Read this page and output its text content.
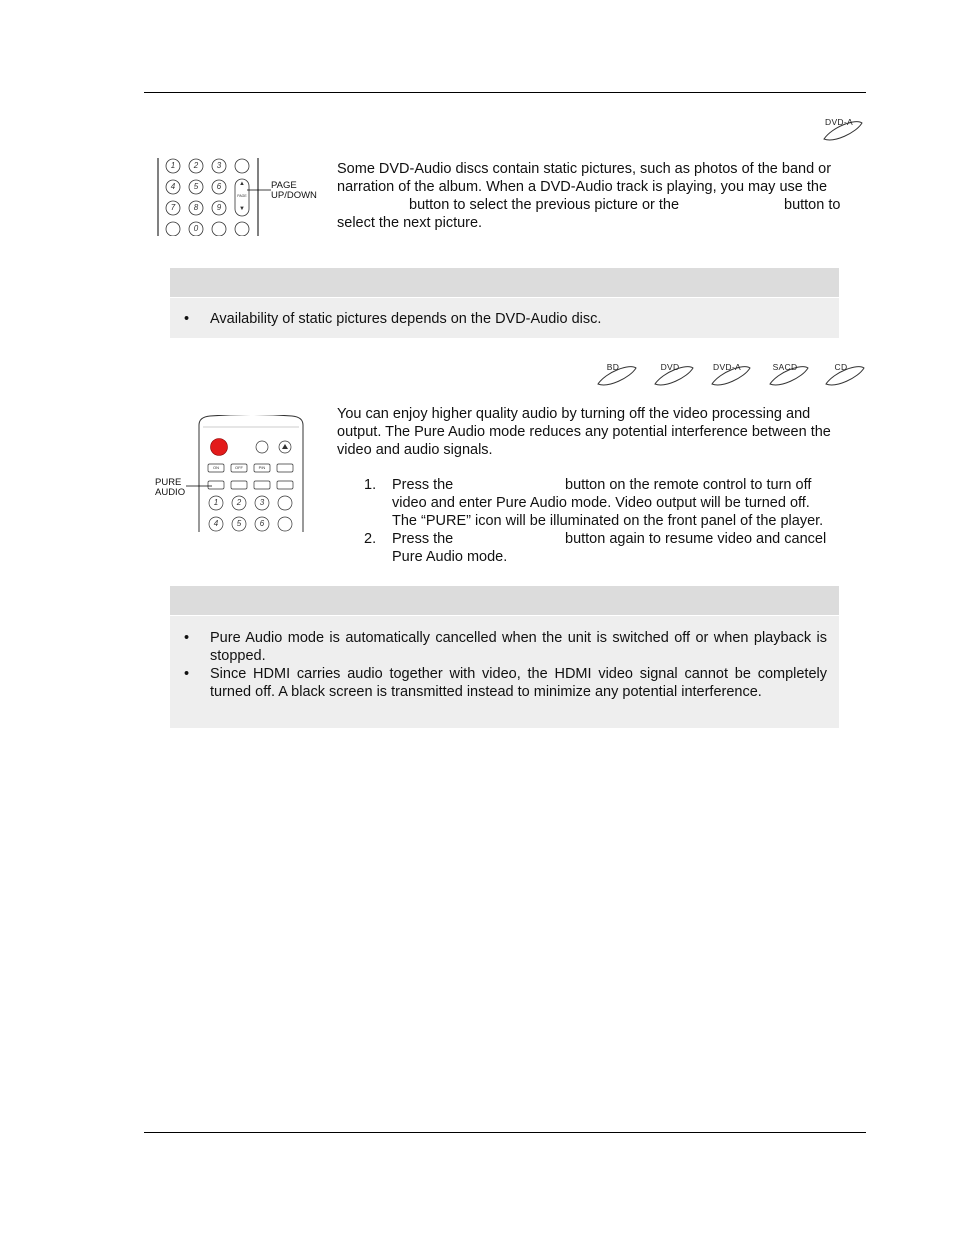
DVD-A
1	2	3
4	5	6
7	8	9
0
PAGE
▲
▼
PAGE
UP/DOWN
Some DVD-Audio discs contain static pictures, such as photos of the band or
narration of the album. When a DVD-Audio track is playing, you may use the
button to select the previous picture or the	button to
select the next picture.
• Availability of static pictures depends on the DVD-Audio disc.
BD	DVD	DVD-A	SACD	CD
ON	OFF	PIN
1	2	3
4	5	6
PURE
AUDIO
You can enjoy higher quality audio by turning off the video processing and
output. The Pure Audio mode reduces any potential interference between the
video and audio signals.
1. Press the	button on the remote control to turn off
video and enter Pure Audio mode. Video output will be turned off.
The “PURE” icon will be illuminated on the front panel of the player.
2. Press the	button again to resume video and cancel
Pure Audio mode.
• Pure Audio mode is automatically cancelled when the unit is switched off or when playback is stopped.
• Since HDMI carries audio together with video, the HDMI video signal cannot be completely turned off. A black screen is transmitted instead to minimize any potential interference.
